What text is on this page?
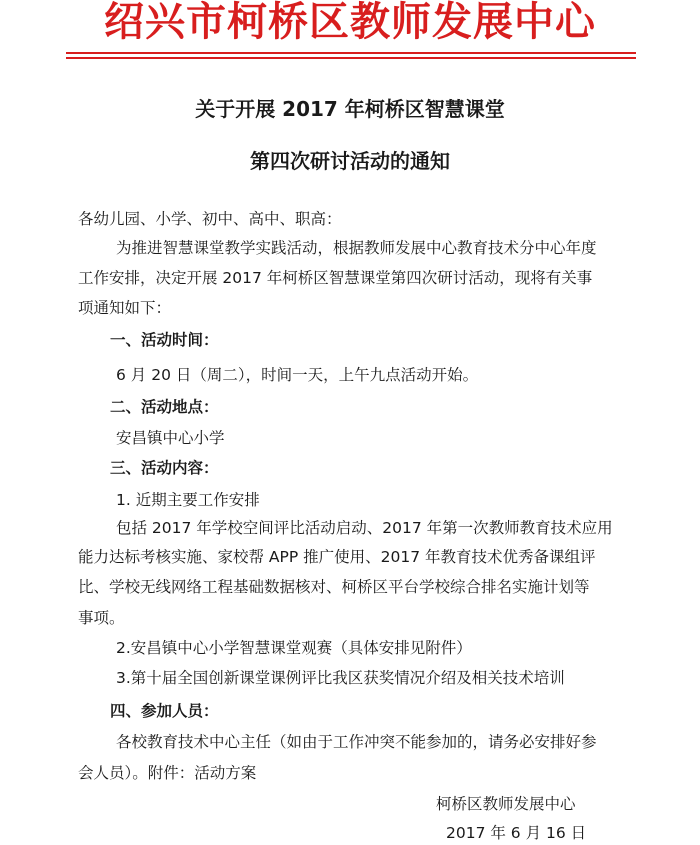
绍兴市柯桥区教师发展中心
关于开展 2017 年柯桥区智慧课堂
第四次研讨活动的通知
各幼儿园、小学、初中、高中、职高：
为推进智慧课堂教学实践活动，根据教师发展中心教育技术分中心年度
工作安排，决定开展 2017 年柯桥区智慧课堂第四次研讨活动，现将有关事
项通知如下：
一、活动时间：
6 月 20 日（周二），时间一天，上午九点活动开始。
二、活动地点：
安昌镇中心小学
三、活动内容：
1. 近期主要工作安排
包括 2017 年学校空间评比活动启动、2017 年第一次教师教育技术应用
能力达标考核实施、家校帮 APP 推广使用、2017 年教育技术优秀备课组评
比、学校无线网络工程基础数据核对、柯桥区平台学校综合排名实施计划等
事项。
2.安昌镇中心小学智慧课堂观赛（具体安排见附件）
3.第十届全国创新课堂课例评比我区获奖情况介绍及相关技术培训
四、参加人员：
各校教育技术中心主任（如由于工作冲突不能参加的，请务必安排好参
会人员）。附件：活动方案
柯桥区教师发展中心
2017 年 6 月 16 日
